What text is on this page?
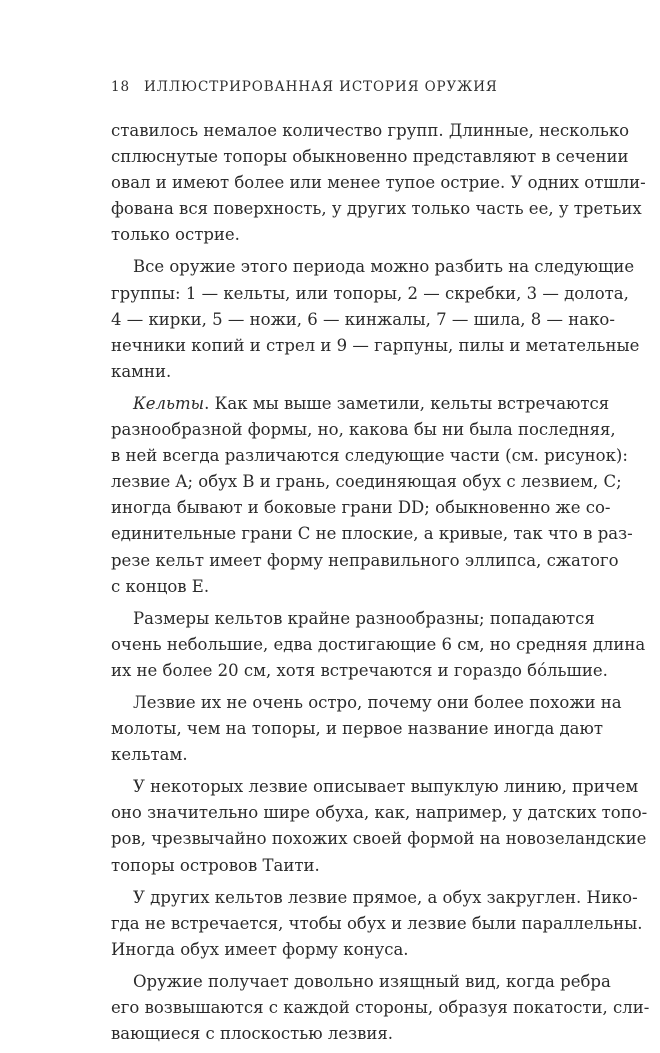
18 ИЛЛЮСТРИРОВАННАЯ ИСТОРИЯ ОРУЖИЯ

ставилось немалое количество групп. Длинные, несколько
сплюснутые топоры обыкновенно представляют в сечении
овал и имеют более или менее тупое острие. У одних отшли-
фована вся поверхность, у других только часть ее, у третьих
только острие.

Все оружие этого периода можно разбить на следующие
группы: 1 — кельты, или топоры, 2 — скребки, 3 — долота,
4 — кирки, 5 — ножи, 6 — кинжалы, 7 — шила, 8 — нако-
нечники копий и стрел и 9 — гарпуны, пилы и метательные
камни.

Кельты. Как мы выше заметили, кельты встречаются
разнообразной формы, но, какова бы ни была последняя,
в ней всегда различаются следующие части (см. рисунок):
лезвие A; обух B и грань, соединяющая обух с лезвием, C;
иногда бывают и боковые грани DD; обыкновенно же со-
единительные грани C не плоские, а кривые, так что в раз-
резе кельт имеет форму неправильного эллипса, сжатого
с концов E.

Размеры кельтов крайне разнообразны; попадаются
очень небольшие, едва достигающие 6 см, но средняя длина
их не более 20 см, хотя встречаются и гораздо бóльшие.

Лезвие их не очень остро, почему они более похожи на
молоты, чем на топоры, и первое название иногда дают
кельтам.

У некоторых лезвие описывает выпуклую линию, причем
оно значительно шире обуха, как, например, у датских топо-
ров, чрезвычайно похожих своей формой на новозеландские
топоры островов Таити.

У других кельтов лезвие прямое, а обух закруглен. Нико-
гда не встречается, чтобы обух и лезвие были параллельны.
Иногда обух имеет форму конуса.

Оружие получает довольно изящный вид, когда ребра
его возвышаются с каждой стороны, образуя покатости, сли-
вающиеся с плоскостью лезвия.
